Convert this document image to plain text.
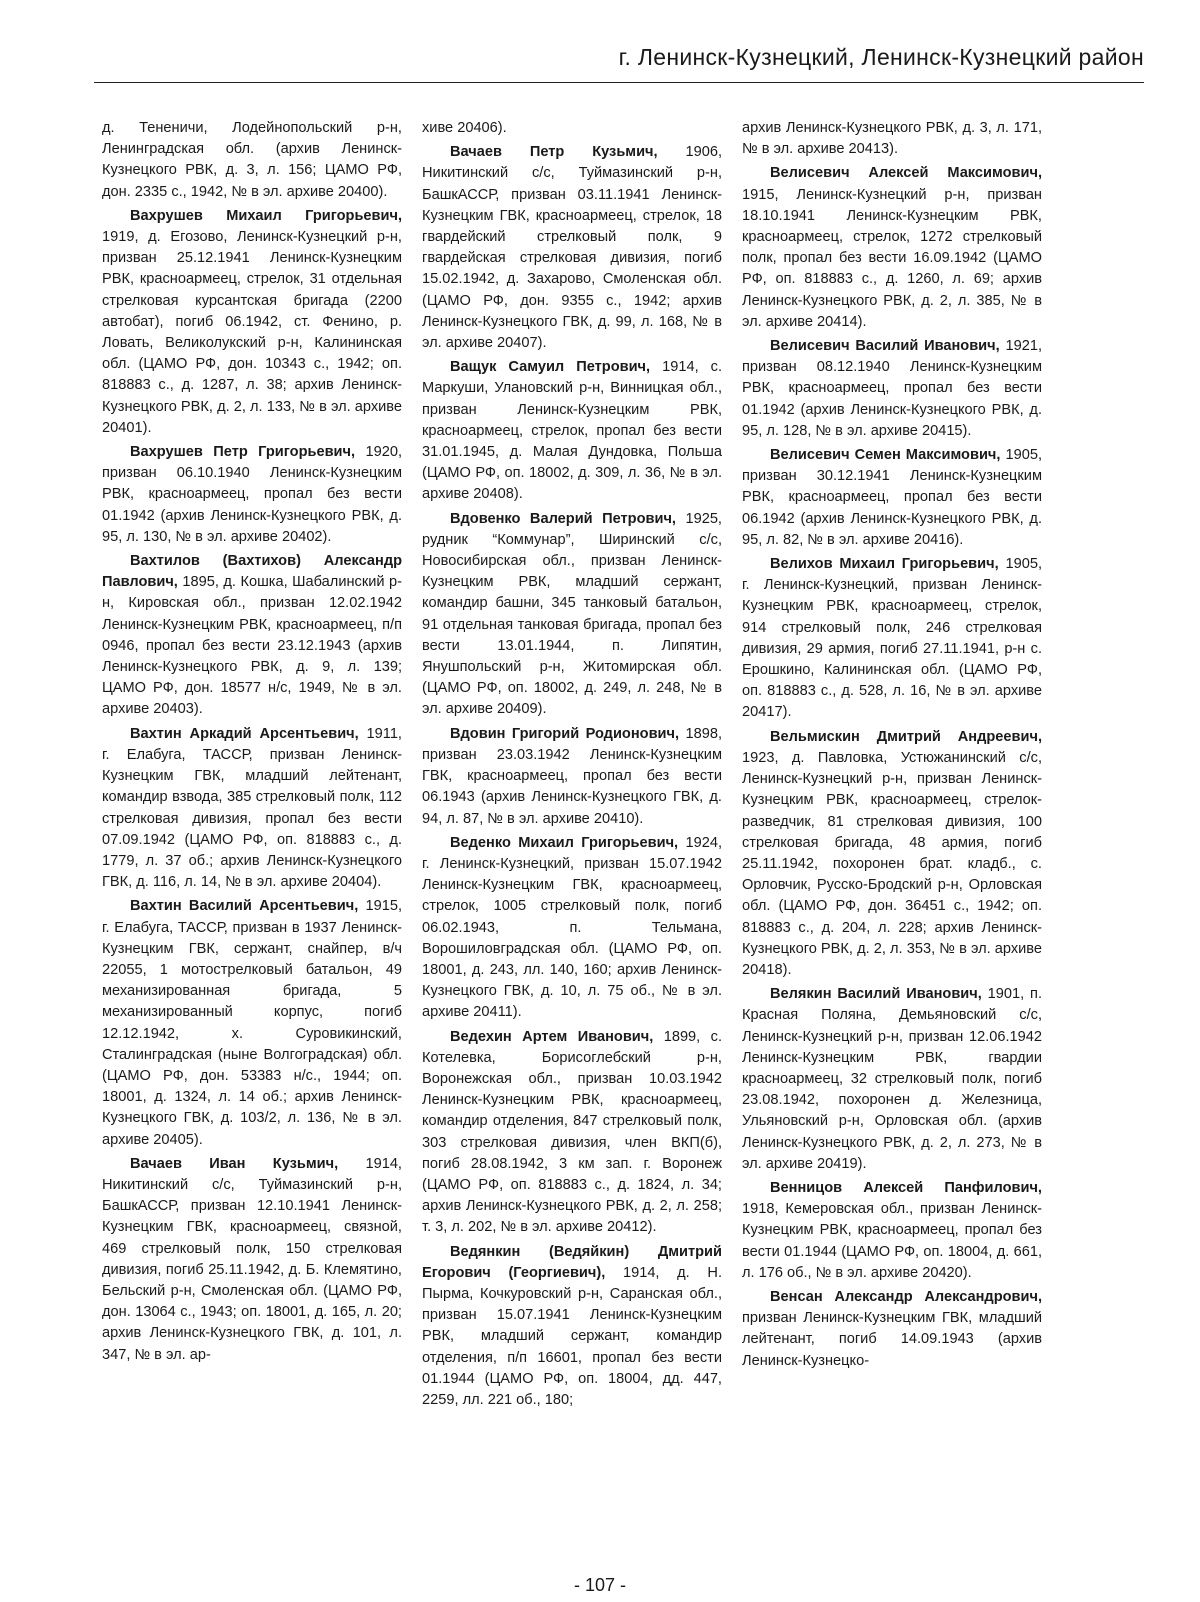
г. Ленинск-Кузнецкий, Ленинск-Кузнецкий район

д. Тененичи, Лодейнопольский р-н, Ленинградская обл. (архив Ленинск-Кузнецкого РВК, д. 3, л. 156; ЦАМО РФ, дон. 2335 с., 1942, № в эл. архиве 20400).

Вахрушев Михаил Григорьевич, 1919, д. Егозово, Ленинск-Кузнецкий р-н, призван 25.12.1941 Ленинск-Кузнецким РВК, красноармеец, стрелок, 31 отдельная стрелковая курсантская бригада (2200 автобат), погиб 06.1942, ст. Фенино, р. Ловать, Великолукский р-н, Калининская обл. (ЦАМО РФ, дон. 10343 с., 1942; оп. 818883 с., д. 1287, л. 38; архив Ленинск-Кузнецкого РВК, д. 2, л. 133, № в эл. архиве 20401).

Вахрушев Петр Григорьевич, 1920, призван 06.10.1940 Ленинск-Кузнецким РВК, красноармеец, пропал без вести 01.1942 (архив Ленинск-Кузнецкого РВК, д. 95, л. 130, № в эл. архиве 20402).

Вахтилов (Вахтихов) Александр Павлович, 1895, д. Кошка, Шабалинский р-н, Кировская обл., призван 12.02.1942 Ленинск-Кузнецким РВК, красноармеец, п/п 0946, пропал без вести 23.12.1943 (архив Ленинск-Кузнецкого РВК, д. 9, л. 139; ЦАМО РФ, дон. 18577 н/с, 1949, № в эл. архиве 20403).

Вахтин Аркадий Арсентьевич, 1911, г. Елабуга, ТАССР, призван Ленинск-Кузнецким ГВК, младший лейтенант, командир взвода, 385 стрелковый полк, 112 стрелковая дивизия, пропал без вести 07.09.1942 (ЦАМО РФ, оп. 818883 с., д. 1779, л. 37 об.; архив Ленинск-Кузнецкого ГВК, д. 116, л. 14, № в эл. архиве 20404).

Вахтин Василий Арсентьевич, 1915, г. Елабуга, ТАССР, призван в 1937 Ленинск-Кузнецким ГВК, сержант, снайпер, в/ч 22055, 1 мотострелковый батальон, 49 механизированная бригада, 5 механизированный корпус, погиб 12.12.1942, х. Суровикинский, Сталинградская (ныне Волгоградская) обл. (ЦАМО РФ, дон. 53383 н/с., 1944; оп. 18001, д. 1324, л. 14 об.; архив Ленинск-Кузнецкого ГВК, д. 103/2, л. 136, № в эл. архиве 20405).

Вачаев Иван Кузьмич, 1914, Никитинский с/с, Туймазинский р-н, БашкАССР, призван 12.10.1941 Ленинск-Кузнецким ГВК, красноармеец, связной, 469 стрелковый полк, 150 стрелковая дивизия, погиб 25.11.1942, д. Б. Клемятино, Бельский р-н, Смоленская обл. (ЦАМО РФ, дон. 13064 с., 1943; оп. 18001, д. 165, л. 20; архив Ленинск-Кузнецкого ГВК, д. 101, л. 347, № в эл. ар-

хиве 20406).

Вачаев Петр Кузьмич, 1906, Никитинский с/с, Туймазинский р-н, БашкАССР, призван 03.11.1941 Ленинск-Кузнецким ГВК, красноармеец, стрелок, 18 гвардейский стрелковый полк, 9 гвардейская стрелковая дивизия, погиб 15.02.1942, д. Захарово, Смоленская обл. (ЦАМО РФ, дон. 9355 с., 1942; архив Ленинск-Кузнецкого ГВК, д. 99, л. 168, № в эл. архиве 20407).

Ващук Самуил Петрович, 1914, с. Маркуши, Улановский р-н, Винницкая обл., призван Ленинск-Кузнецким РВК, красноармеец, стрелок, пропал без вести 31.01.1945, д. Малая Дундовка, Польша (ЦАМО РФ, оп. 18002, д. 309, л. 36, № в эл. архиве 20408).

Вдовенко Валерий Петрович, 1925, рудник “Коммунар”, Ширинский с/с, Новосибирская обл., призван Ленинск-Кузнецким РВК, младший сержант, командир башни, 345 танковый батальон, 91 отдельная танковая бригада, пропал без вести 13.01.1944, п. Липятин, Янушпольский р-н, Житомирская обл. (ЦАМО РФ, оп. 18002, д. 249, л. 248, № в эл. архиве 20409).

Вдовин Григорий Родионович, 1898, призван 23.03.1942 Ленинск-Кузнецким ГВК, красноармеец, пропал без вести 06.1943 (архив Ленинск-Кузнецкого ГВК, д. 94, л. 87, № в эл. архиве 20410).

Веденко Михаил Григорьевич, 1924, г. Ленинск-Кузнецкий, призван 15.07.1942 Ленинск-Кузнецким ГВК, красноармеец, стрелок, 1005 стрелковый полк, погиб 06.02.1943, п. Тельмана, Ворошиловградская обл. (ЦАМО РФ, оп. 18001, д. 243, лл. 140, 160; архив Ленинск-Кузнецкого ГВК, д. 10, л. 75 об., № в эл. архиве 20411).

Ведехин Артем Иванович, 1899, с. Котелевка, Борисоглебский р-н, Воронежская обл., призван 10.03.1942 Ленинск-Кузнецким РВК, красноармеец, командир отделения, 847 стрелковый полк, 303 стрелковая дивизия, член ВКП(б), погиб 28.08.1942, 3 км зап. г. Воронеж (ЦАМО РФ, оп. 818883 с., д. 1824, л. 34; архив Ленинск-Кузнецкого РВК, д. 2, л. 258; т. 3, л. 202, № в эл. архиве 20412).

Ведянкин (Ведяйкин) Дмитрий Егорович (Георгиевич), 1914, д. Н. Пырма, Кочкуровский р-н, Саранская обл., призван 15.07.1941 Ленинск-Кузнецким РВК, младший сержант, командир отделения, п/п 16601, пропал без вести 01.1944 (ЦАМО РФ, оп. 18004, дд. 447, 2259, лл. 221 об., 180;

архив Ленинск-Кузнецкого РВК, д. 3, л. 171, № в эл. архиве 20413).

Велисевич Алексей Максимович, 1915, Ленинск-Кузнецкий р-н, призван 18.10.1941 Ленинск-Кузнецким РВК, красноармеец, стрелок, 1272 стрелковый полк, пропал без вести 16.09.1942 (ЦАМО РФ, оп. 818883 с., д. 1260, л. 69; архив Ленинск-Кузнецкого РВК, д. 2, л. 385, № в эл. архиве 20414).

Велисевич Василий Иванович, 1921, призван 08.12.1940 Ленинск-Кузнецким РВК, красноармеец, пропал без вести 01.1942 (архив Ленинск-Кузнецкого РВК, д. 95, л. 128, № в эл. архиве 20415).

Велисевич Семен Максимович, 1905, призван 30.12.1941 Ленинск-Кузнецким РВК, красноармеец, пропал без вести 06.1942 (архив Ленинск-Кузнецкого РВК, д. 95, л. 82, № в эл. архиве 20416).

Велихов Михаил Григорьевич, 1905, г. Ленинск-Кузнецкий, призван Ленинск-Кузнецким РВК, красноармеец, стрелок, 914 стрелковый полк, 246 стрелковая дивизия, 29 армия, погиб 27.11.1941, р-н с. Ерошкино, Калининская обл. (ЦАМО РФ, оп. 818883 с., д. 528, л. 16, № в эл. архиве 20417).

Вельмискин Дмитрий Андреевич, 1923, д. Павловка, Устюжанинский с/с, Ленинск-Кузнецкий р-н, призван Ленинск-Кузнецким РВК, красноармеец, стрелок-разведчик, 81 стрелковая дивизия, 100 стрелковая бригада, 48 армия, погиб 25.11.1942, похоронен брат. кладб., с. Орловчик, Русско-Бродский р-н, Орловская обл. (ЦАМО РФ, дон. 36451 с., 1942; оп. 818883 с., д. 204, л. 228; архив Ленинск-Кузнецкого РВК, д. 2, л. 353, № в эл. архиве 20418).

Велякин Василий Иванович, 1901, п. Красная Поляна, Демьяновский с/с, Ленинск-Кузнецкий р-н, призван 12.06.1942 Ленинск-Кузнецким РВК, гвардии красноармеец, 32 стрелковый полк, погиб 23.08.1942, похоронен д. Железница, Ульяновский р-н, Орловская обл. (архив Ленинск-Кузнецкого РВК, д. 2, л. 273, № в эл. архиве 20419).

Венницов Алексей Панфилович, 1918, Кемеровская обл., призван Ленинск-Кузнецким РВК, красноармеец, пропал без вести 01.1944 (ЦАМО РФ, оп. 18004, д. 661, л. 176 об., № в эл. архиве 20420).

Венсан Александр Александрович, призван Ленинск-Кузнецким ГВК, младший лейтенант, погиб 14.09.1943 (архив Ленинск-Кузнецко-

- 107 -
